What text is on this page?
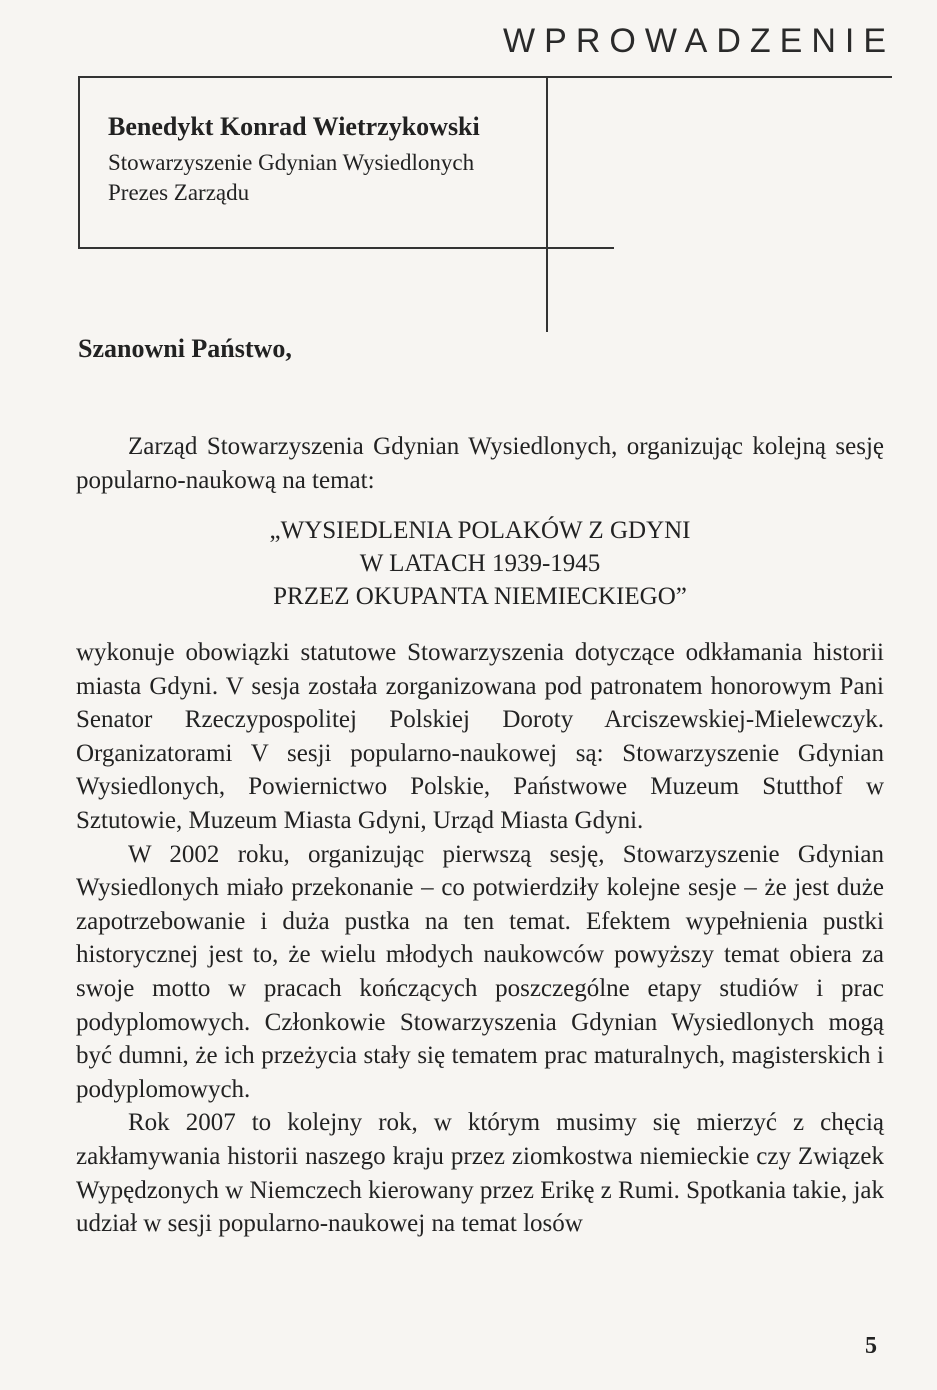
WPROWADZENIE
Benedykt Konrad Wietrzykowski
Stowarzyszenie Gdynian Wysiedlonych
Prezes Zarządu
Szanowni Państwo,

Zarząd Stowarzyszenia Gdynian Wysiedlonych, organizując kolejną sesję popularno-naukową na temat:

„WYSIEDLENIA POLAKÓW Z GDYNI
W LATACH 1939-1945
PRZEZ OKUPANTA NIEMIECKIEGO”

wykonuje obowiązki statutowe Stowarzyszenia dotyczące odkłamania historii miasta Gdyni. V sesja została zorganizowana pod patronatem honorowym Pani Senator Rzeczypospolitej Polskiej Doroty Arciszewskiej-Mielewczyk. Organizatorami V sesji popularno-naukowej są: Stowarzyszenie Gdynian Wysiedlonych, Powiernictwo Polskie, Państwowe Muzeum Stutthof w Sztutowie, Muzeum Miasta Gdyni, Urząd Miasta Gdyni.

W 2002 roku, organizując pierwszą sesję, Stowarzyszenie Gdynian Wysiedlonych miało przekonanie – co potwierdziły kolejne sesje – że jest duże zapotrzebowanie i duża pustka na ten temat. Efektem wypełnienia pustki historycznej jest to, że wielu młodych naukowców powyższy temat obiera za swoje motto w pracach kończących poszczególne etapy studiów i prac podyplomowych. Członkowie Stowarzyszenia Gdynian Wysiedlonych mogą być dumni, że ich przeżycia stały się tematem prac maturalnych, magisterskich i podyplomowych.

Rok 2007 to kolejny rok, w którym musimy się mierzyć z chęcią zakłamywania historii naszego kraju przez ziomkostwa niemieckie czy Związek Wypędzonych w Niemczech kierowany przez Erikę z Rumi. Spotkania takie, jak udział w sesji popularno-naukowej na temat losów

5
